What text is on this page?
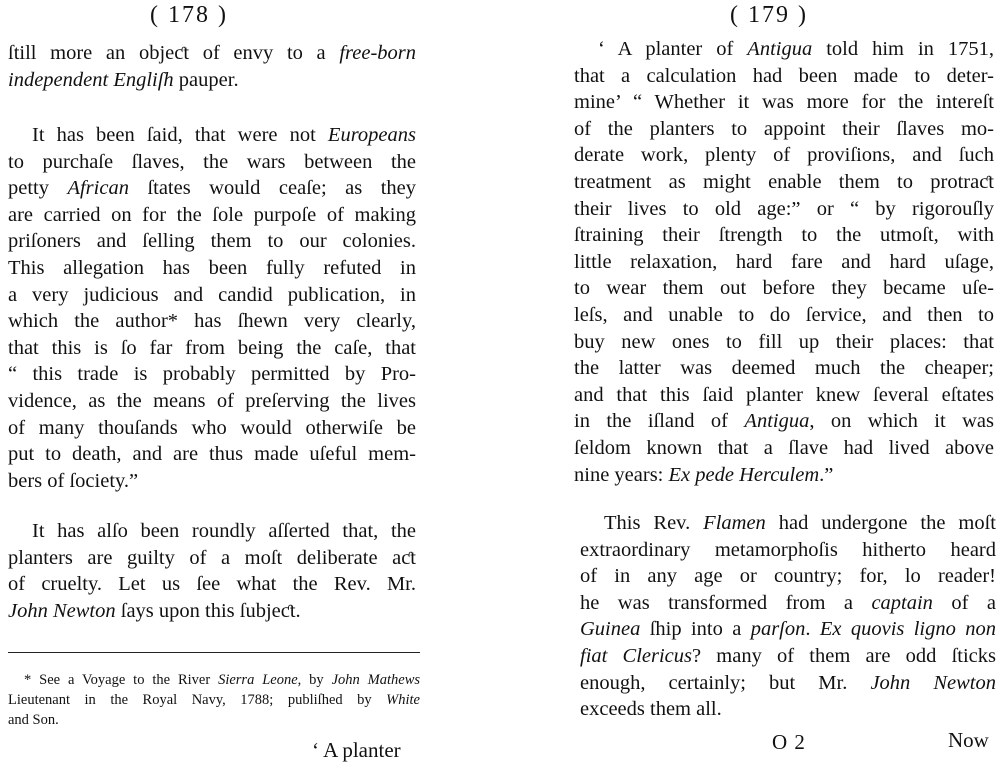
( 178 )
ſtill more an objeƈt of envy to a free-born
independent Engliſh pauper.
It has been ſaid, that were not Europeans
to purchaſe ſlaves, the wars between the
petty African ſtates would ceaſe; as they
are carried on for the ſole purpoſe of making
priſoners and ſelling them to our colonies.
This allegation has been fully refuted in
a very judicious and candid publication, in
which the author* has ſhewn very clearly,
that this is ſo far from being the caſe, that
“ this trade is probably permitted by Pro-
vidence, as the means of preſerving the lives
of many thouſands who would otherwiſe be
put to death, and are thus made uſeful mem-
bers of ſociety.”
It has alſo been roundly aſſerted that, the
planters are guilty of a moſt deliberate aƈt
of cruelty. Let us ſee what the Rev. Mr.
John Newton ſays upon this ſubjeƈt.
* See a Voyage to the River Sierra Leone, by John Mathews
Lieutenant in the Royal Navy, 1788; publiſhed by White
and Son.
‘ A planter
( 179 )
‘ A planter of Antigua told him in 1751,
that a calculation had been made to deter-
mine’ “ Whether it was more for the intereſt
of the planters to appoint their ſlaves mo-
derate work, plenty of proviſions, and ſuch
treatment as might enable them to protraƈt
their lives to old age:” or “ by rigorouſly
ſtraining their ſtrength to the utmoſt, with
little relaxation, hard fare and hard uſage,
to wear them out before they became uſe-
leſs, and unable to do ſervice, and then to
buy new ones to fill up their places: that
the latter was deemed much the cheaper;
and that this ſaid planter knew ſeveral eſtates
in the iſland of Antigua, on which it was
ſeldom known that a ſlave had lived above
nine years: Ex pede Herculem.”
This Rev. Flamen had undergone the moſt
extraordinary metamorphoſis hitherto heard
of in any age or country; for, lo reader!
he was transformed from a captain of a
Guinea ſhip into a parſon. Ex quovis ligno non
fiat Clericus? many of them are odd ſticks
enough, certainly; but Mr. John Newton
exceeds them all.
O 2	Now
